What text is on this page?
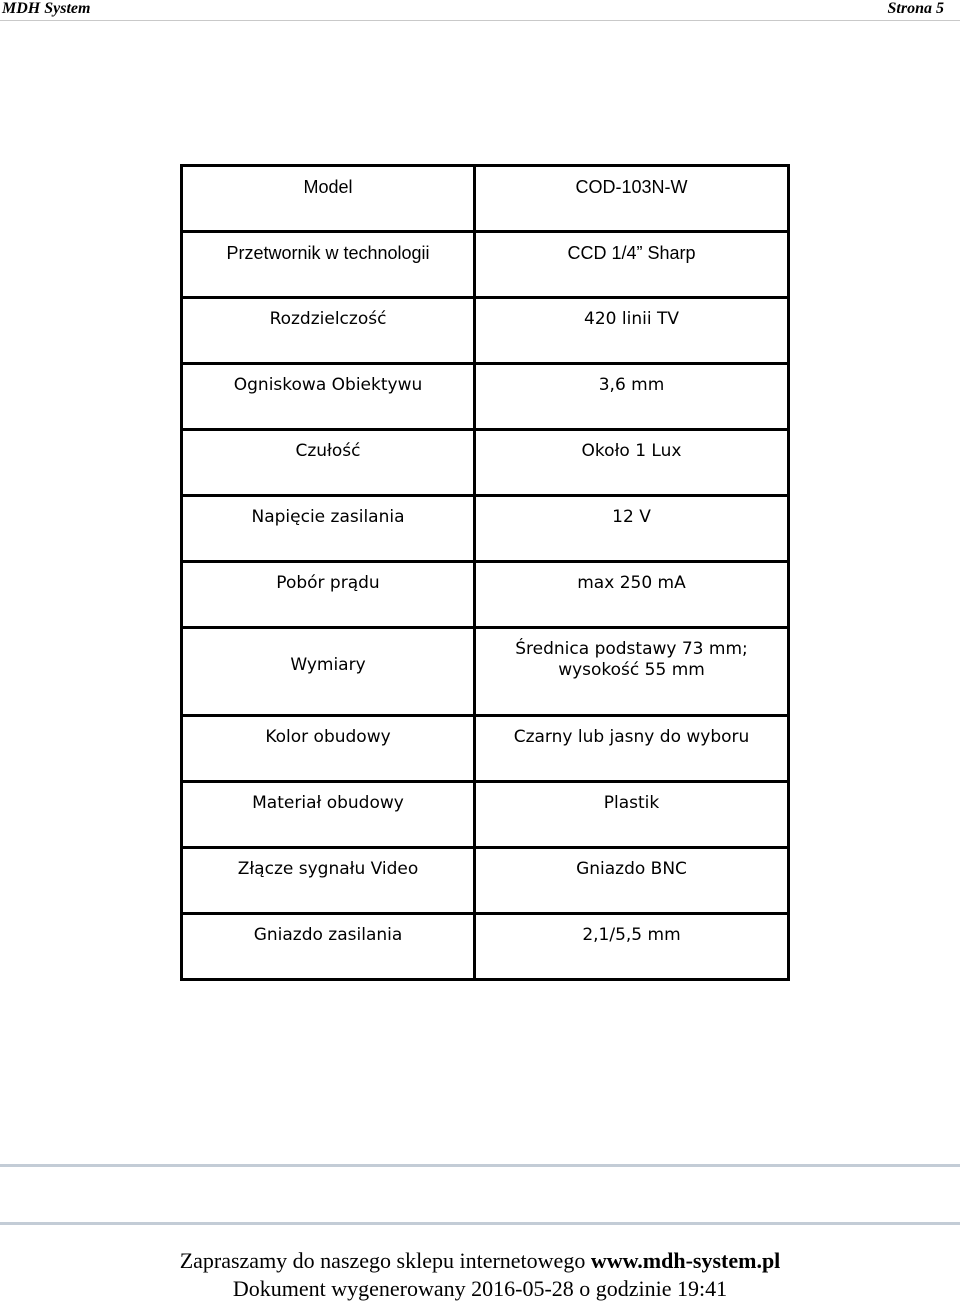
MDH System	Strona 5
Model	COD-103N-W
Przetwornik w technologii	CCD 1/4” Sharp
Rozdzielczość	420 linii TV
Ogniskowa Obiektywu	3,6 mm
Czułość	Około 1 Lux
Napięcie zasilania	12 V
Pobór prądu	max 250 mA
Wymiary	Średnica podstawy 73 mm;
wysokość 55 mm
Kolor obudowy	Czarny lub jasny do wyboru
Materiał obudowy	Plastik
Złącze sygnału Video	Gniazdo BNC
Gniazdo zasilania	2,1/5,5 mm
Zapraszamy do naszego sklepu internetowego www.mdh-system.pl
Dokument wygenerowany 2016-05-28 o godzinie 19:41
